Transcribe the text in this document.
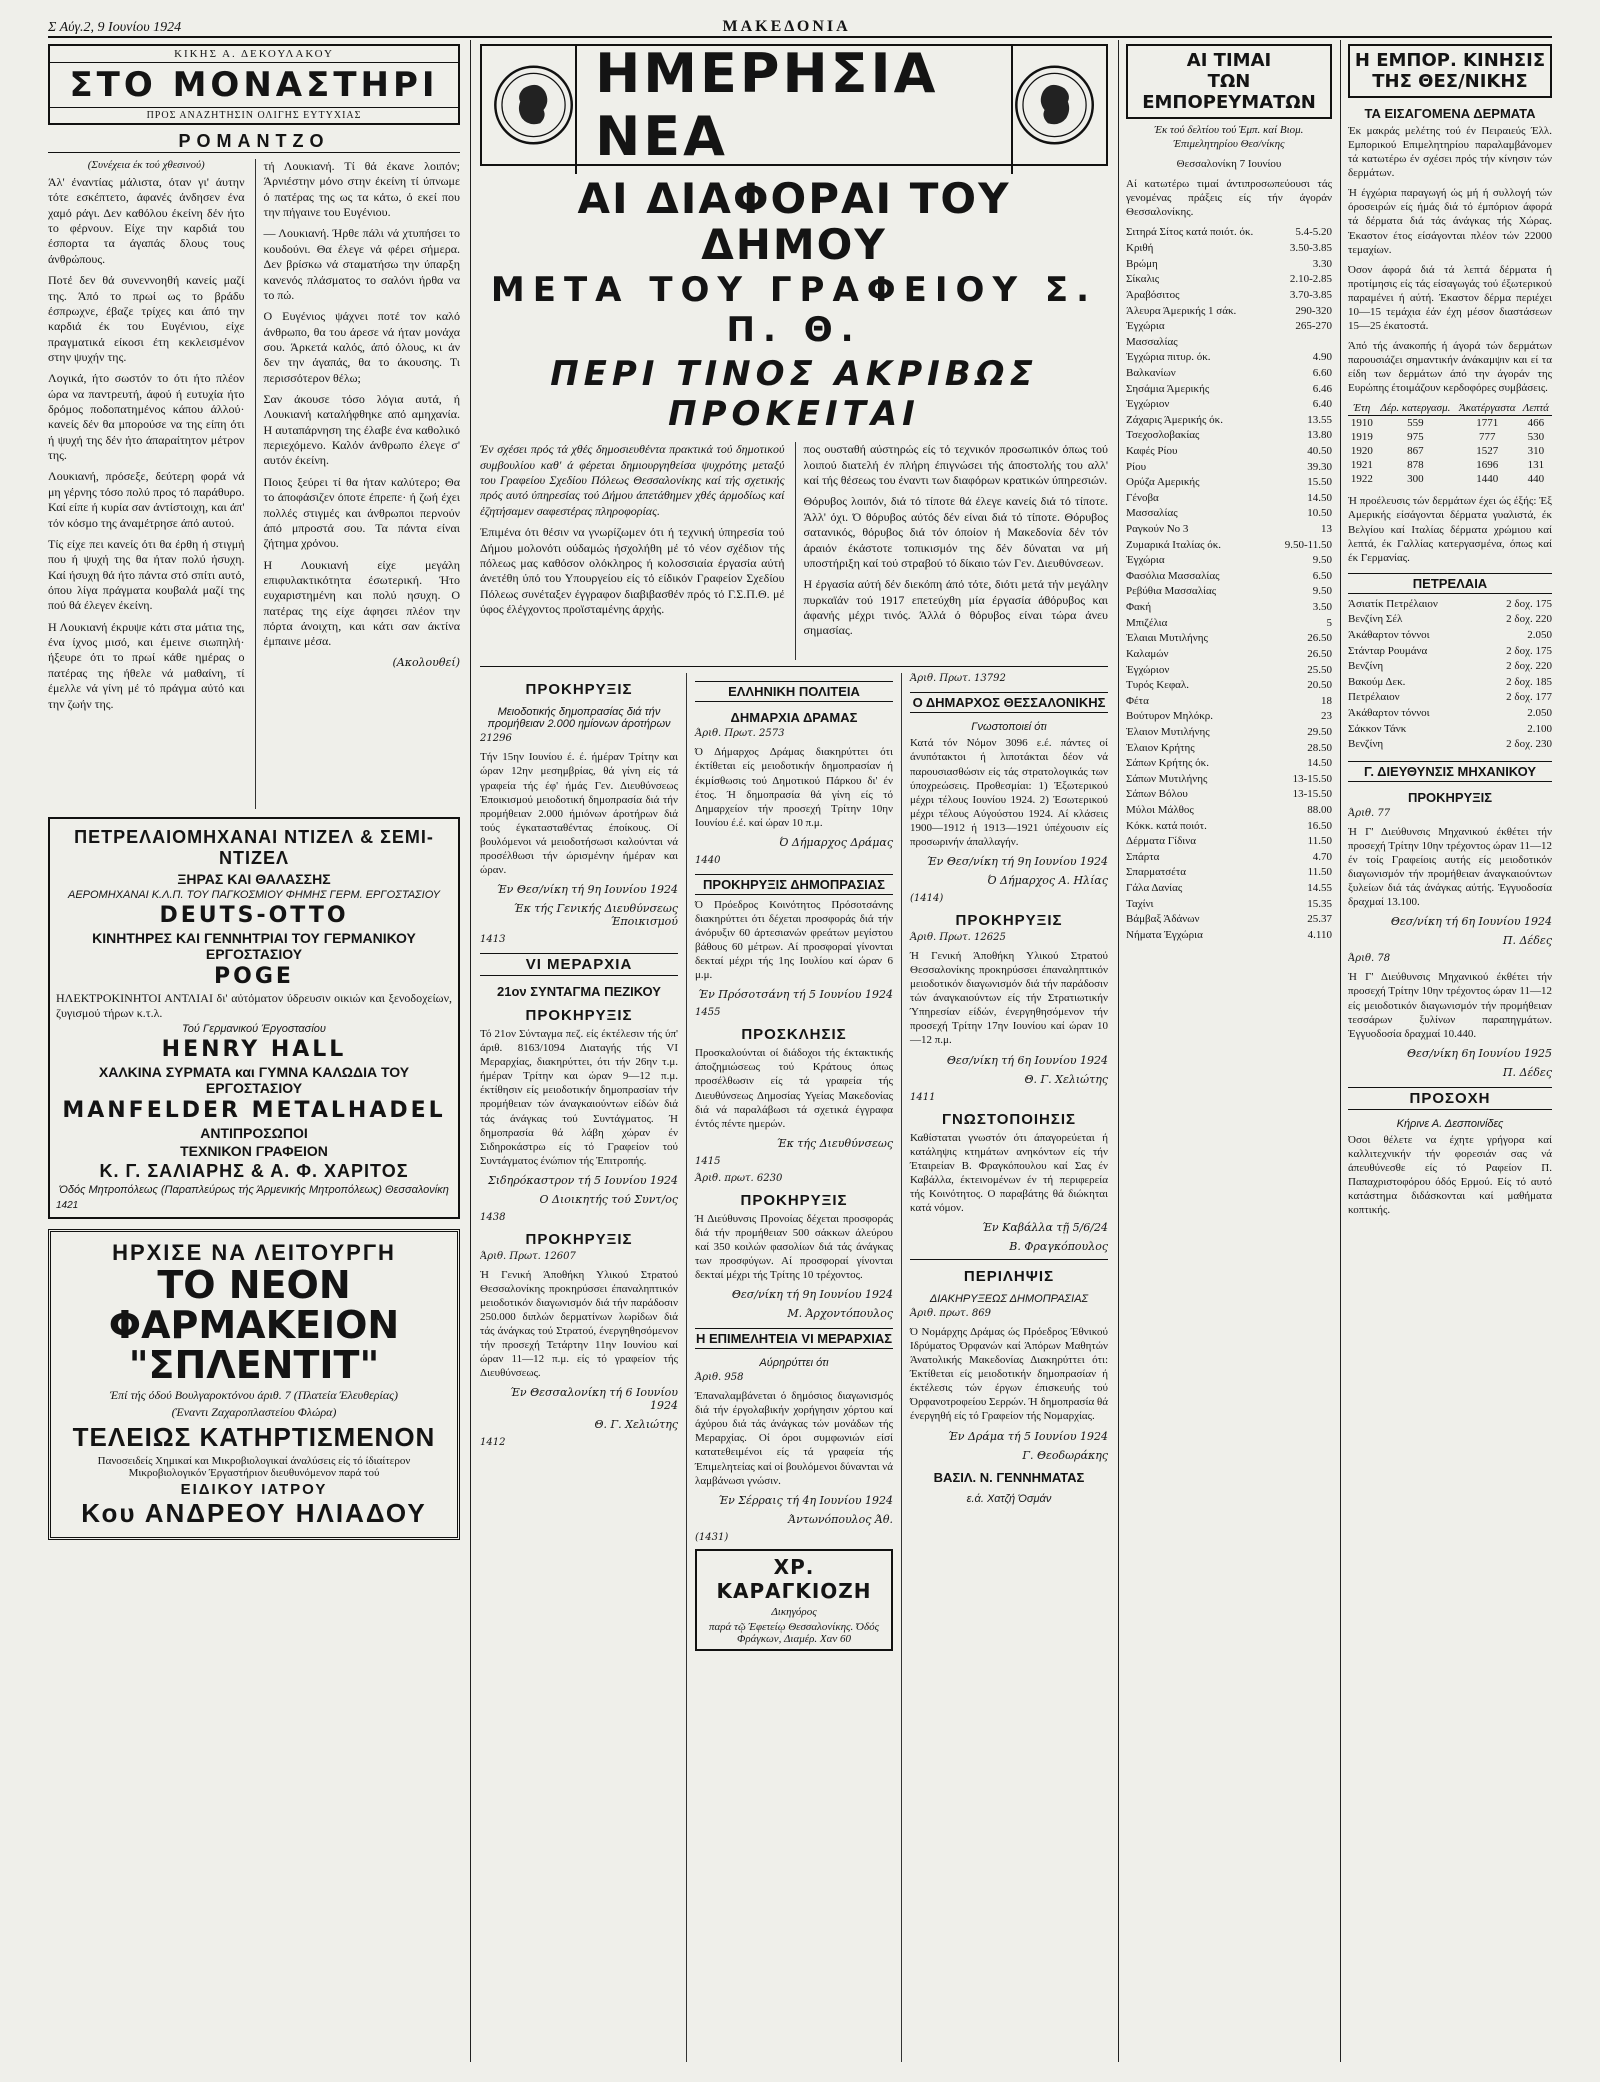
Σ Αύγ.2, 9 Ιουνίου 1924	ΜΑΚΕΔΟΝΙΑ
ΚΙΚΗΣ Α. ΔΕΚΟΥΛΑΚΟΥ
ΣΤΟ ΜΟΝΑΣΤΗΡΙ
ΠΡΟΣ ΑΝΑΖΗΤΗΣΙΝ ΟΛΙΓΗΣ ΕΥΤΥΧΙΑΣ
ΡΟΜΑΝΤΖΟ

(Συνέχεια έκ τού χθεσινού)

Άλ' έναντίας μάλιστα, όταν γι' άυτην τότε εσκέπτετο, άφανές άνδησεν ένα χαμό ράγι. Δεν καθόλου έκείνη δέν ήτο το φέρνουν. Είχε την καρδιά του έσπορτα τα άγαπάς δλους τους άνθρώπους.

Ποτέ δεν θά συνεννοηθή κανείς μαζί της. Άπό το πρωί ως το βράδυ έσπρωχνε, έβαζε τρίχες και άπό την καρδιά έκ του Ευγένιου, είχε πραγματικά είκοσι έτη κεκλεισμένον στην ψυχήν της.

Λογικά, ήτο σωστόν το ότι ήτο πλέον ώρα να παντρευτή, άφού ή ευτυχία ήτο δρόμος ποδοπατημένος κάπου άλλού· κανείς δέν θα μπορούσε να της είπη ότι ή ψυχή της δέν ήτο άπαραίτητον μέτρον της.

Λουκιανή, πρόσεξε, δεύτερη φορά νά μη γέρνης τόσο πολύ προς τό παράθυρο. Καί είπε ή κυρία σαν άντίστοιχη, και άπ' τόν κόσμο της άναμέτρησε άπό αυτού.

Τίς είχε πει κανείς ότι θα έρθη ή στιγμή που ή ψυχή της θα ήταν πολύ ήσυχη. Καί ήσυχη θά ήτο πάντα στό σπίτι αυτό, όπου λίγα πράγματα κουβαλά μαζί της πού θά έλεγεν έκείνη.

Η Λουκιανή έκρυψε κάτι στα μάτια της, ένα ίχνος μισό, και έμεινε σιωπηλή· ήξευρε ότι το πρωί κάθε ημέρας ο πατέρας της ήθελε νά μαθαίνη, τί έμελλε νά γίνη μέ τό πράγμα αύτό και την ζωήν της.

τή Λουκιανή. Τί θά έκανε λοιπόν; Άρνιέστην μόνο στην έκείνη τί ύπνωμε ό πατέρας της ως τα κάτω, ό εκεί που την πήγαινε του Ευγένιου.

— Λουκιανή. Ήρθε πάλι νά χτυπήσει το κουδούνι. Θα έλεγε νά φέρει σήμερα. Δεν βρίσκω νά σταματήσω την ύπαρξη κανενός πλάσματος το σαλόνι ήρθα να το πώ.

Ο Ευγένιος ψάχνει ποτέ τον καλό άνθρωπο, θα του άρεσε νά ήταν μονάχα σου. Άρκετά καλός, άπό όλους, κι άν δεν την άγαπάς, θα το άκουσης. Τι περισσότερον θέλω;

Σαν άκουσε τόσο λόγια αυτά, ή Λουκιανή καταλήφθηκε από αμηχανία. Η αυταπάρνηση της έλαβε ένα καθολικό περιεχόμενο. Καλόν άνθρωπο έλεγε σ' αυτόν έκείνη.

Ποιος ξεύρει τί θα ήταν καλύτερο; Θα το άποφάσιζεν όποτε έπρεπε· ή ζωή έχει πολλές στιγμές και άνθρωποι περνούν άπό μπροστά σου. Τα πάντα είναι ζήτημα χρόνου.

Η Λουκιανή είχε μεγάλη επιφυλακτικότητα έσωτερική. Ήτο ευχαριστημένη και πολύ ησυχη. Ο πατέρας της είχε άφησει πλέον την πόρτα άνοιχτη, και κάτι σαν άκτίνα έμπαινε μέσα.

(Ακολουθεί)

ΠΕΤΡΕΛΑΙΟΜΗΧΑΝΑΙ ΝΤΙΖΕΛ & ΣΕΜΙ-ΝΤΙΖΕΛ
ΞΗΡΑΣ ΚΑΙ ΘΑΛΑΣΣΗΣ
ΑΕΡΟΜΗΧΑΝΑΙ Κ.Λ.Π. ΤΟΥ ΠΑΓΚΟΣΜΙΟΥ ΦΗΜΗΣ ΓΕΡΜ. ΕΡΓΟΣΤΑΣΙΟΥ
DEUTS-OTTO
ΚΙΝΗΤΗΡΕΣ ΚΑΙ ΓΕΝΝΗΤΡΙΑΙ ΤΟΥ ΓΕΡΜΑΝΙΚΟΥ ΕΡΓΟΣΤΑΣΙΟΥ
POGE
ΗΛΕΚΤΡΟΚΙΝΗΤΟΙ ΑΝΤΛΙΑΙ δι' αύτόματον ύδρευσιν οικιών και ξενοδοχείων, ζυγισμού τήρων κ.τ.λ.
Τού Γερμανικού Έργοστασίου
HENRY HALL
ΧΑΛΚΙΝΑ ΣΥΡΜΑΤΑ και ΓΥΜΝΑ ΚΑΛΩΔΙΑ ΤΟΥ ΕΡΓΟΣΤΑΣΙΟΥ
MANFELDER METALHADEL
ΑΝΤΙΠΡΟΣΩΠΟΙ
ΤΕΧΝΙΚΟΝ ΓΡΑΦΕΙΟΝ
Κ. Γ. ΣΑΛΙΑΡΗΣ & Α. Φ. ΧΑΡΙΤΟΣ
Όδός Μητροπόλεως (Παραπλεύρως τής Άρμενικής Μητροπόλεως) Θεσσαλονίκη
1421
ΗΡΧΙΣΕ ΝΑ ΛΕΙΤΟΥΡΓΗ
ΤΟ ΝΕΟΝ ΦΑΡΜΑΚΕΙΟΝ "ΣΠΛΕΝΤΙΤ"
Έπί τής όδού Βουλγαροκτόνου άριθ. 7 (Πλατεία Έλευθερίας)
(Έναντι Ζαχαροπλαστείου Φλώρα)
ΤΕΛΕΙΩΣ ΚΑΤΗΡΤΙΣΜΕΝΟΝ
Πανοσειδείς Χημικαί και Μικροβιολογικαί άναλύσεις είς τό ίδιαίτερον Μικροβιολογικόν Έργαστήριον διευθυνόμενον παρά τού
ΕΙΔΙΚΟΥ ΙΑΤΡΟΥ
Κου ΑΝΔΡΕΟΥ ΗΛΙΑΔΟΥ
ΗΜΕΡΗΣΙΑ ΝΕΑ
ΑΙ ΔΙΑΦΟΡΑΙ ΤΟΥ ΔΗΜΟΥ
ΜΕΤΑ ΤΟΥ ΓΡΑΦΕΙΟΥ Σ. Π. Θ.
ΠΕΡΙ ΤΙΝΟΣ ΑΚΡΙΒΩΣ ΠΡΟΚΕΙΤΑΙ

Έν σχέσει πρός τά χθές δημοσιευθέντα πρακτικά τού δημοτικού συμβουλίου καθ' ά φέρεται δημιουργηθείσα ψυχρότης μεταξύ του Γραφείου Σχεδίου Πόλεως Θεσσαλονίκης καί τής σχετικής πρός αυτό ύπηρεσίας τού Δήμου άπετάθημεν χθές άρμοδίως καί έζητήσαμεν σαφεστέρας πληροφορίας.

Έπιμένα ότι θέσιν να γνωρίζωμεν ότι ή τεχνική ύπηρεσία τού Δήμου μολονότι ούδαμώς ήσχολήθη μέ τό νέον σχέδιον τής πόλεως μας καθόσον ολόκληρος ή κολοσσιαία έργασία αύτή άνετέθη ύπό του Υπουργείου είς τό είδικόν Γραφείον Σχεδίου Πόλεως συνέταξεν έγγραφον διαβιβασθέν πρός τό Γ.Σ.Π.Θ. μέ ύφος έλέγχοντος προϊσταμένης άρχής.

πος ουσταθή αύστηρώς είς τό τεχνικόν προσωπικόν όπως τού λοιπού διατελή έν πλήρη έπιγνώσει τής άποστολής του αλλ' καί τής θέσεως του έναντι των διαφόρων κρατικών ύπηρεσιών.

Θόρυβος λοιπόν, διά τό τίποτε θά έλεγε κανείς διά τό τίποτε. Άλλ' όχι. Ό θόρυβος αύτός δέν είναι διά τό τίποτε. Θόρυβος σατανικός, θόρυβος διά τόν όποίον ή Μακεδονία δέν τόν άραιόν έκάστοτε τοπικισμόν της δέν δύναται να μή υποστήριξη καί τού στραβού τό δίκαιο τών Γεν. Διευθύνσεων.

Η έργασία αύτή δέν διεκόπη άπό τότε, διότι μετά τήν μεγάλην πυρκαϊάν τού 1917 επετεύχθη μία έργασία άθόρυβος και άφανής μέχρι τινός. Άλλά ό θόρυβος είναι τώρα άνευ σημασίας.

ΠΡΟΚΗΡΥΞΙΣ
Μειοδοτικής δημοπρασίας διά τήν προμήθειαν 2.000 ημίονων άροτήρων

21296

Τήν 15ην Ιουνίου έ. έ. ήμέραν Τρίτην και ώραν 12ην μεσημβρίας, θά γίνη είς τά γραφεία τής έφ' ήμάς Γεν. Διευθύνσεως Έποικισμού μειοδοτική δημοπρασία διά τήν προμήθειαν 2.000 ήμιόνων άροτήρων διά τούς έγκατασταθέντας έποίκους. Οί βουλόμενοι νά μειοδοτήσωσι καλούνται νά προσέλθωσι τήν ώρισμένην ήμέραν και ώραν.

Έν Θεσ/νίκη τή 9η Ιουνίου 1924

Έκ τής Γενικής Διευθύνσεως Έποικισμού

1413

VI ΜΕΡΑΡΧΙΑ
21ον ΣΥΝΤΑΓΜΑ ΠΕΖΙΚΟΥ
ΠΡΟΚΗΡΥΞΙΣ

Τό 21ον Σύνταγμα πεζ. είς έκτέλεσιν τής ύπ' άριθ. 8163/1094 Διαταγής τής VI Μεραρχίας, διακηρύττει, ότι τήν 26ην τ.μ. ήμέραν Τρίτην και ώραν 9—12 π.μ. έκτίθησιν είς μειοδοτικήν δημοπρασίαν τήν προμήθειαν τών άναγκαιούντων είδών διά τάς άνάγκας τού Συντάγματος. Ή δημοπρασία θά λάβη χώραν έν Σιδηροκάστρω είς τό Γραφείον τού Συντάγματος ένώπιον τής Έπιτροπής.

Σιδηρόκαστρον τή 5 Ιουνίου 1924

Ο Διοικητής τού Συντ/ος

1438

ΠΡΟΚΗΡΥΞΙΣ

Άριθ. Πρωτ. 12607

Ή Γενική Άποθήκη Υλικού Στρατού Θεσσαλονίκης προκηρύσσει έπαναληπτικόν μειοδοτικόν διαγωνισμόν διά τήν παράδοσιν 250.000 διπλών δερματίνων λωρίδων διά τάς άνάγκας τού Στρατού, ένεργηθησόμενον τήν προσεχή Τετάρτην 11ην Ιουνίου καί ώραν 11—12 π.μ. είς τό γραφείον τής Διευθύνσεως.

Έν Θεσσαλονίκη τή 6 Ιουνίου 1924

Θ. Γ. Χελιώτης

1412

ΕΛΛΗΝΙΚΗ ΠΟΛΙΤΕΙΑ
ΔΗΜΑΡΧΙΑ ΔΡΑΜΑΣ

Άριθ. Πρωτ. 2573

Ό Δήμαρχος Δράμας διακηρύττει ότι έκτίθεται είς μειοδοτικήν δημοπρασίαν ή έκμίσθωσις τού Δημοτικού Πάρκου δι' έν έτος. Ή δημοπρασία θά γίνη είς τό Δημαρχείον τήν προσεχή Τρίτην 10ην Ιουνίου έ.έ. καί ώραν 10 π.μ.

Ό Δήμαρχος Δράμας

1440

ΠΡΟΚΗΡΥΞΙΣ ΔΗΜΟΠΡΑΣΙΑΣ

Ό Πρόεδρος Κοινότητος Πρόσοτσάνης διακηρύττει ότι δέχεται προσφοράς διά τήν άνόρυξιν 60 άρτεσιανών φρεάτων μεγίστου βάθους 60 μέτρων. Αί προσφοραί γίνονται δεκταί μέχρι τής 1ης Ιουλίου καί ώραν 6 μ.μ.

Έν Πρόσοτσάνη τή 5 Ιουνίου 1924

1455

ΠΡΟΣΚΛΗΣΙΣ

Προσκαλούνται οί διάδοχοι τής έκτακτικής άποζημιώσεως τού Κράτους όπως προσέλθωσιν είς τά γραφεία τής Διευθύνσεως Δημοσίας Υγείας Μακεδονίας διά νά παραλάβωσι τά σχετικά έγγραφα έντός πέντε ημερών.

Έκ τής Διευθύνσεως

1415

Άριθ. πρωτ. 6230

ΠΡΟΚΗΡΥΞΙΣ

Ή Διεύθυνσις Προνοίας δέχεται προσφοράς διά τήν προμήθειαν 500 σάκκων άλεύρου καί 350 κοιλών φασολίων διά τάς άνάγκας των προσφύγων. Αί προσφοραί γίνονται δεκταί μέχρι τής Τρίτης 10 τρέχοντος.

Θεσ/νίκη τή 9η Ιουνίου 1924

Μ. Άρχοντόπουλος

Η ΕΠΙΜΕΛΗΤΕΙΑ VI ΜΕΡΑΡΧΙΑΣ
Αύρηρύττει ότι

Άριθ. 958

Έπαναλαμβάνεται ό δημόσιος διαγωνισμός διά τήν έργολαβικήν χορήγησιν χόρτου καί άχύρου διά τάς άνάγκας τών μονάδων τής Μεραρχίας. Οί όροι συμφωνιών είσί κατατεθειμένοι είς τά γραφεία τής Έπιμελητείας καί οί βουλόμενοι δύνανται νά λαμβάνωσι γνώσιν.

Έν Σέρραις τή 4η Ιουνίου 1924

Άντωνόπουλος Άθ.

(1431)

ΧΡ. ΚΑΡΑΓΚΙΟΖΗ
Δικηγόρος
παρά τῷ Έφετείῳ Θεσσαλονίκης. Όδός Φράγκων, Διαμέρ. Χαν 60

Άριθ. Πρωτ. 13792

Ο ΔΗΜΑΡΧΟΣ ΘΕΣΣΑΛΟΝΙΚΗΣ
Γνωστοποιεί ότι

Κατά τόν Νόμον 3096 ε.έ. πάντες οί άνυπότακτοι ή λιποτάκται δέον νά παρουσιασθώσιν είς τάς στρατολογικάς των ύποχρεώσεις. Προθεσμίαι: 1) Έξωτερικού μέχρι τέλους Ιουνίου 1924. 2) Έσωτερικού μέχρι τέλους Αύγούστου 1924. Αί κλάσεις 1900—1912 ή 1913—1921 ύπέχουσιν είς προσωρινήν άπαλλαγήν.

Έν Θεσ/νίκη τή 9η Ιουνίου 1924

Ό Δήμαρχος Α. Ηλίας

(1414)

ΠΡΟΚΗΡΥΞΙΣ

Άριθ. Πρωτ. 12625

Ή Γενική Άποθήκη Υλικού Στρατού Θεσσαλονίκης προκηρύσσει έπαναληπτικόν μειοδοτικόν διαγωνισμόν διά τήν παράδοσιν τών άναγκαιούντων είς τήν Στρατιωτικήν Ύπηρεσίαν είδών, ένεργηθησόμενον τήν προσεχή Τρίτην 17ην Ιουνίου καί ώραν 10—12 π.μ.

Θεσ/νίκη τή 6η Ιουνίου 1924

Θ. Γ. Χελιώτης

1411

ΓΝΩΣΤΟΠΟΙΗΣΙΣ

Καθίσταται γνωστόν ότι άπαγορεύεται ή κατάληψις κτημάτων ανηκόντων είς τήν Έταιρείαν Β. Φραγκόπουλου καί Σας έν Καβάλλα, έκτεινομένων έν τή περιφερεία τής Κοινότητος. Ο παραβάτης θά διώκηται κατά νόμον.

Έν Καβάλλα τῇ 5/6/24

Β. Φραγκόπουλος

ΠΕΡΙΛΗΨΙΣ
ΔΙΑΚΗΡΥΞΕΩΣ ΔΗΜΟΠΡΑΣΙΑΣ

Άριθ. πρωτ. 869

Ό Νομάρχης Δράμας ώς Πρόεδρος Έθνικού Ιδρύματος Όρφανών καί Άπόρων Μαθητών Άνατολικής Μακεδονίας Διακηρύττει ότι: Έκτίθεται είς μειοδοτικήν δημοπρασίαν ή έκτέλεσις τών έργων έπισκευής τού Όρφανοτροφείου Σερρών. Ή δημοπρασία θά ένεργηθή είς τό Γραφείον τής Νομαρχίας.

Έν Δράμα τή 5 Ιουνίου 1924

Γ. Θεοδωράκης

ΒΑΣΙΛ. Ν. ΓΕΝΝΗΜΑΤΑΣ
ε.ά. Χατζή Όσμάν
ΑΙ ΤΙΜΑΙ
ΤΩΝ ΕΜΠΟΡΕΥΜΑΤΩΝ

Έκ τού δελτίου τού Έμπ. καί Βιομ. Έπιμελητηρίου Θεσ/νίκης

Θεσσαλονίκη 7 Ιουνίου

Αί κατωτέρω τιμαί άντιπροσωπεύουσι τάς γενομένας πράξεις είς τήν άγοράν Θεσσαλονίκης.

Σιτηρά Σίτος κατά ποιότ. όκ.	5.4-5.20
Κριθή	3.50-3.85
Βρώμη	3.30
Σίκαλις	2.10-2.85
Άραβόσιτος	3.70-3.85
Άλευρα Άμερικής 1 σάκ.	290-320
Έγχώρια	265-270
Μασσαλίας
Έγχώρια πιτυρ. όκ.	4.90
Βαλκανίων	6.60
Σησάμια Άμερικής	6.46
Έγχώριον	6.40
Ζάχαρις Άμερικής όκ.	13.55
Τσεχοσλοβακίας	13.80
Καφές Ρίου	40.50
Ρίου	39.30
Ορύζα Αμερικής	15.50
Γένοβα	14.50
Μασσαλίας	10.50
Ραγκούν Νο 3	13
Ζυμαρικά Ιταλίας όκ.	9.50-11.50
Έγχώρια	9.50
Φασόλια Μασσαλίας	6.50
Ρεβύθια Μασσαλίας	9.50
Φακή	3.50
Μπιζέλια	5
Έλαιαι Μυτιλήνης	26.50
Καλαμών	26.50
Έγχώριον	25.50
Τυρός Κεφαλ.	20.50
Φέτα	18
Βούτυρον Μηλόκρ.	23
Έλαιον Μυτιλήνης	29.50
Έλαιον Κρήτης	28.50
Σάπων Κρήτης όκ.	14.50
Σάπων Μυτιλήνης	13-15.50
Σάπων Βόλου	13-15.50
Μύλοι Μάλθος	88.00
Κόκκ. κατά ποιότ.	16.50
Δέρματα Γίδινα	11.50
Σπάρτα	4.70
Σπαρματσέτα	11.50
Γάλα Δανίας	14.55
Ταχίνι	15.35
Βάμβαξ Άδάνων	25.37
Νήματα Έγχώρια	4.110
Η ΕΜΠΟΡ. ΚΙΝΗΣΙΣ
ΤΗΣ ΘΕΣ/ΝΙΚΗΣ
ΤΑ ΕΙΣΑΓΟΜΕΝΑ ΔΕΡΜΑΤΑ

Έκ μακράς μελέτης τού έν Πειραιεύς Έλλ. Εμπορικού Επιμελητηρίου παραλαμβάνομεν τά κατωτέρω έν σχέσει πρός τήν κίνησιν τών δερμάτων.

Ή έγχώρια παραγωγή ώς μή ή συλλογή τών όροσειρών είς ήμάς διά τό έμπόριον άφορά τά δέρματα διά τάς άνάγκας τής Χώρας. Έκαστον έτος είσάγονται πλέον τών 22000 τεμαχίων.

Όσον άφορά διά τά λεπτά δέρματα ή προτίμησις είς τάς είσαγωγάς τού έξωτερικού παραμένει ή αύτή. Έκαστον δέρμα περιέχει 10—15 τεμάχια έάν έχη μέσον διαστάσεων 15—25 έκατοστά.

Άπό τής άνακοπής ή άγορά τών δερμάτων παρουσιάζει σημαντικήν άνάκαμψιν και εί τα είδη των δερμάτων άπό την άγοράν της Ευρώπης έτοιμάζουν κερδοφόρες συμβάσεις.

Έτη	Δέρ. κατεργασμ.	Άκατέργαστα	Λεπτά
1910	559	1771	466
1919	975	777	530
1920	867	1527	310
1921	878	1696	131
1922	300	1440	440

Ή προέλευσις τών δερμάτων έχει ώς έξής: Έξ Αμερικής είσάγονται δέρματα γυαλιστά, έκ Βελγίου καί Ιταλίας δέρματα χρώμιου καί λεπτά, έκ Γαλλίας κατεργασμένα, όπως καί έκ Γερμανίας.

ΠΕΤΡΕΛΑΙΑ
Άσιατίκ Πετρέλαιον	2 δοχ. 175
Βενζίνη Σέλ	2 δοχ. 220
Άκάθαρτον τόννοι	2.050
Στάνταρ Ρουμάνα	2 δοχ. 175
Βενζίνη	2 δοχ. 220
Βακούμ Δεκ.	2 δοχ. 185
Πετρέλαιον	2 δοχ. 177
Άκάθαρτον τόννοι	2.050
Σάκκον Τάνκ	2.100
Βενζίνη	2 δοχ. 230
Γ. ΔΙΕΥΘΥΝΣΙΣ ΜΗΧΑΝΙΚΟΥ
ΠΡΟΚΗΡΥΞΙΣ

Άριθ. 77

Ή Γ' Διεύθυνσις Μηχανικού έκθέτει τήν προσεχή Τρίτην 10ην τρέχοντος ώραν 11—12 έν τοίς Γραφείοις αυτής είς μειοδοτικόν διαγωνισμόν τήν προμήθειαν άναγκαιούντων ξυλείων διά τάς άνάγκας αύτής. Έγγυοδοσία δραχμαί 13.100.

Θεσ/νίκη τή 6η Ιουνίου 1924

Π. Δέδες

Άριθ. 78

Ή Γ' Διεύθυνσις Μηχανικού έκθέτει τήν προσεχή Τρίτην 10ην τρέχοντος ώραν 11—12 είς μειοδοτικόν διαγωνισμόν τήν προμήθειαν τεσσάρων ξυλίνων παραπηγμάτων. Έγγυοδοσία δραχμαί 10.440.

Θεσ/νίκη 6η Ιουνίου 1925

Π. Δέδες

ΠΡΟΣΟΧΗ
Κήρινε Α. Δεσποινίδες

Όσοι θέλετε να έχητε γρήγορα καί καλλιτεχνικήν τήν φορεσιάν σας νά άπευθύνεσθε είς τό Ραφείον Π. Παπαχριστοφόρου όδός Ερμού. Είς τό αυτό κατάστημα διδάσκονται καί μαθήματα κοπτικής.
